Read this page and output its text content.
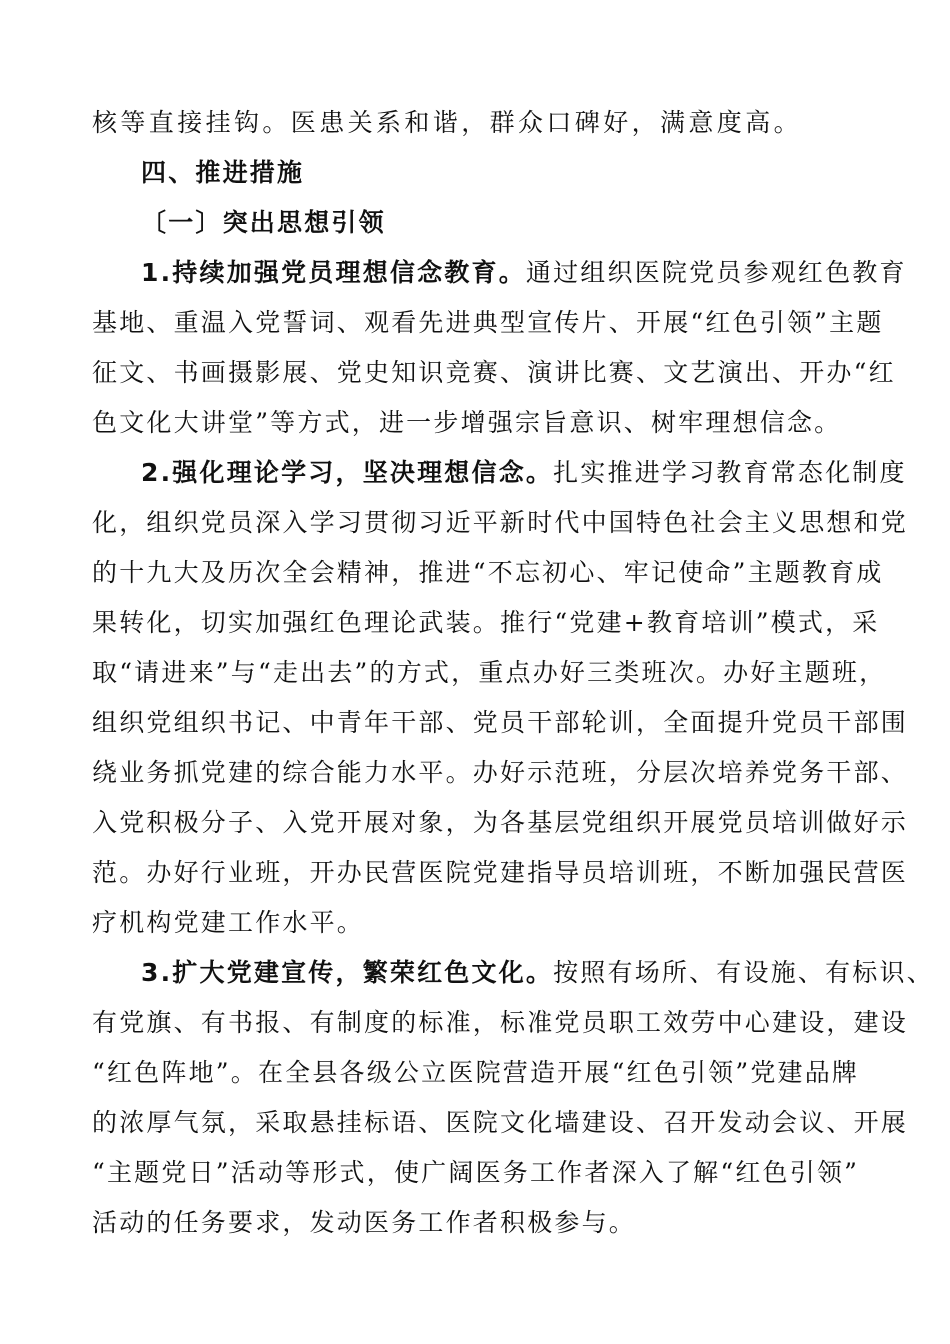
核等直接挂钩。医患关系和谐，群众口碑好，满意度高。
四、推进措施
〔一〕突出思想引领
1.持续加强党员理想信念教育。通过组织医院党员参观红色教育
基地、重温入党誓词、观看先进典型宣传片、开展“红色引领”主题
征文、书画摄影展、党史知识竞赛、演讲比赛、文艺演出、开办“红
色文化大讲堂”等方式，进一步增强宗旨意识、树牢理想信念。
2.强化理论学习，坚决理想信念。扎实推进学习教育常态化制度
化，组织党员深入学习贯彻习近平新时代中国特色社会主义思想和党
的十九大及历次全会精神，推进“不忘初心、牢记使命”主题教育成
果转化，切实加强红色理论武装。推行“党建+教育培训”模式，采
取“请进来”与“走出去”的方式，重点办好三类班次。办好主题班，
组织党组织书记、中青年干部、党员干部轮训，全面提升党员干部围
绕业务抓党建的综合能力水平。办好示范班，分层次培养党务干部、
入党积极分子、入党开展对象，为各基层党组织开展党员培训做好示
范。办好行业班，开办民营医院党建指导员培训班，不断加强民营医
疗机构党建工作水平。
3.扩大党建宣传，繁荣红色文化。按照有场所、有设施、有标识、
有党旗、有书报、有制度的标准，标准党员职工效劳中心建设，建设
“红色阵地”。在全县各级公立医院营造开展“红色引领”党建品牌
的浓厚气氛，采取悬挂标语、医院文化墙建设、召开发动会议、开展
“主题党日”活动等形式，使广阔医务工作者深入了解“红色引领”
活动的任务要求，发动医务工作者积极参与。
